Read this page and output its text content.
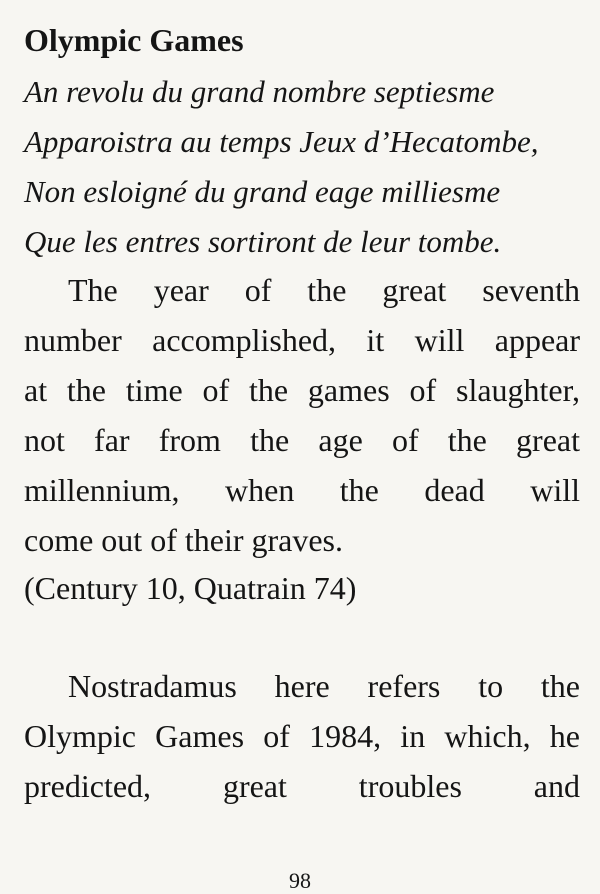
Olympic Games
An revolu du grand nombre septiesme
Apparoistra au temps Jeux d’Hecatombe,
Non esloigné du grand eage milliesme
Que les entres sortiront de leur tombe.
The year of the great seventh
number accomplished, it will appear
at the time of the games of slaughter,
not far from the age of the great
millennium, when the dead will
come out of their graves.
(Century 10, Quatrain 74)
Nostradamus here refers to the
Olympic Games of 1984, in which, he
predicted, great troubles and
98
